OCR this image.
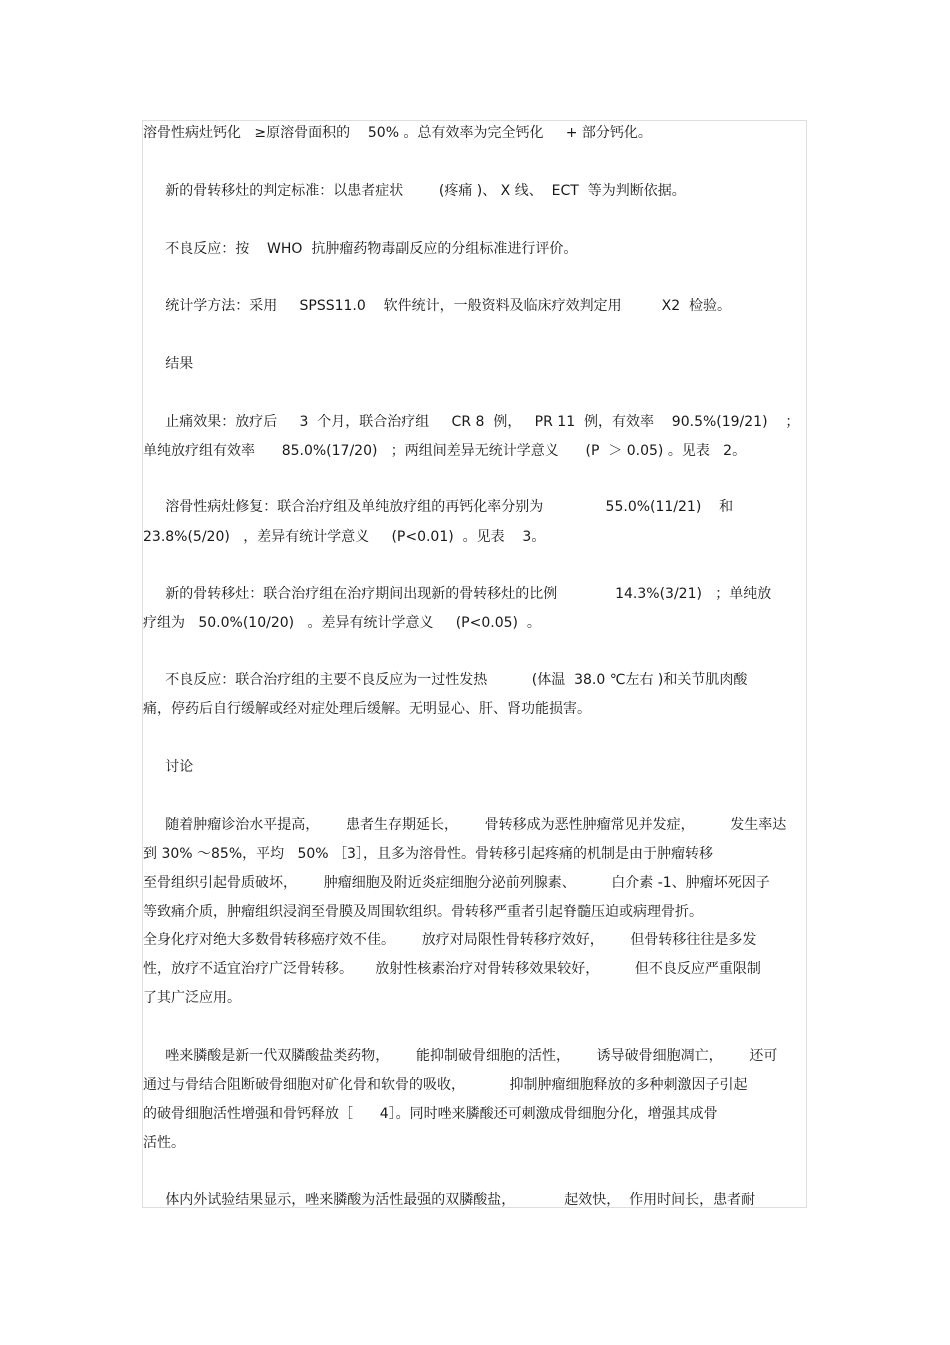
溶骨性病灶钙化   ≥原溶骨面积的    50% 。总有效率为完全钙化     + 部分钙化。
新的骨转移灶的判定标准：以患者症状        (疼痛 )、 X 线、  ECT  等为判断依据。
不良反应：按    WHO  抗肿瘤药物毒副反应的分组标准进行评价。
统计学方法：采用     SPSS11.0    软件统计，一般资料及临床疗效判定用         X2  检验。
结果
止痛效果：放疗后     3  个月，联合治疗组     CR 8  例，   PR 11  例，有效率    90.5%(19/21)    ；
单纯放疗组有效率      85.0%(17/20)   ；两组间差异无统计学意义      (P  ＞ 0.05) 。见表   2。
溶骨性病灶修复：联合治疗组及单纯放疗组的再钙化率分别为              55.0%(11/21)    和
23.8%(5/20)   ，差异有统计学意义     (P<0.01)  。见表    3。
新的骨转移灶：联合治疗组在治疗期间出现新的骨转移灶的比例             14.3%(3/21)   ；单纯放
疗组为   50.0%(10/20)   。差异有统计学意义     (P<0.05)  。
不良反应：联合治疗组的主要不良反应为一过性发热          (体温  38.0 ℃左右 )和关节肌肉酸
痛，停药后自行缓解或经对症处理后缓解。无明显心、肝、肾功能损害。
讨论
随着肿瘤诊治水平提高，      患者生存期延长，      骨转移成为恶性肿瘤常见并发症，        发生率达
到 30% ～85%，平均   50% ［3］，且多为溶骨性。骨转移引起疼痛的机制是由于肿瘤转移
至骨组织引起骨质破坏，      肿瘤细胞及附近炎症细胞分泌前列腺素、        白介素 -1、肿瘤坏死因子
等致痛介质，肿瘤组织浸润至骨膜及周围软组织。骨转移严重者引起脊髓压迫或病理骨折。
全身化疗对绝大多数骨转移癌疗效不佳。      放疗对局限性骨转移疗效好，      但骨转移往往是多发
性，放疗不适宜治疗广泛骨转移。     放射性核素治疗对骨转移效果较好，        但不良反应严重限制
了其广泛应用。
唑来膦酸是新一代双膦酸盐类药物，      能抑制破骨细胞的活性，      诱导破骨细胞凋亡，      还可
通过与骨结合阻断破骨细胞对矿化骨和软骨的吸收，          抑制肿瘤细胞释放的多种刺激因子引起
的破骨细胞活性增强和骨钙释放［      4］。同时唑来膦酸还可刺激成骨细胞分化，增强其成骨
活性。
体内外试验结果显示，唑来膦酸为活性最强的双膦酸盐，           起效快，  作用时间长，患者耐
